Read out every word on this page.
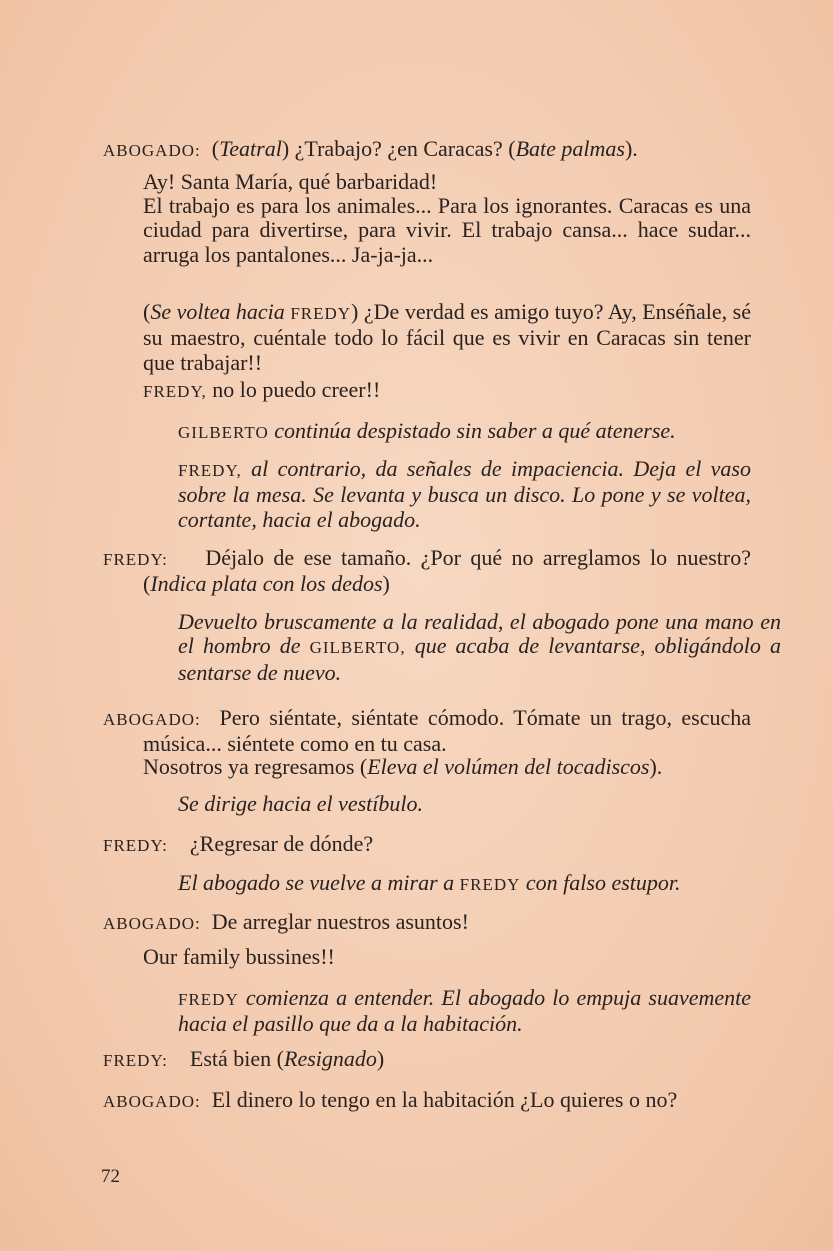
ABOGADO: (Teatral) ¿Trabajo? ¿en Caracas? (Bate palmas).
Ay! Santa María, qué barbaridad!
El trabajo es para los animales... Para los ignorantes. Caracas es una ciudad para divertirse, para vivir. El trabajo cansa... hace sudar... arruga los pantalones... Ja-ja-ja...
(Se voltea hacia FREDY) ¿De verdad es amigo tuyo? Ay, Enséñale, sé su maestro, cuéntale todo lo fácil que es vivir en Caracas sin tener que trabajar!!
FREDY, no lo puedo creer!!
GILBERTO continúa despistado sin saber a qué atenerse.
FREDY, al contrario, da señales de impaciencia. Deja el vaso sobre la mesa. Se levanta y busca un disco. Lo pone y se voltea, cortante, hacia el abogado.
FREDY: Déjalo de ese tamaño. ¿Por qué no arreglamos lo nuestro? (Indica plata con los dedos)
Devuelto bruscamente a la realidad, el abogado pone una mano en el hombro de GILBERTO, que acaba de levantarse, obligándolo a sentarse de nuevo.
ABOGADO: Pero siéntate, siéntate cómodo. Tómate un trago, escucha música... siéntete como en tu casa.
Nosotros ya regresamos (Eleva el volúmen del tocadiscos).
Se dirige hacia el vestíbulo.
FREDY: ¿Regresar de dónde?
El abogado se vuelve a mirar a FREDY con falso estupor.
ABOGADO: De arreglar nuestros asuntos!
Our family bussines!!
FREDY comienza a entender. El abogado lo empuja suavemente hacia el pasillo que da a la habitación.
FREDY: Está bien (Resignado)
ABOGADO: El dinero lo tengo en la habitación ¿Lo quieres o no?
72
